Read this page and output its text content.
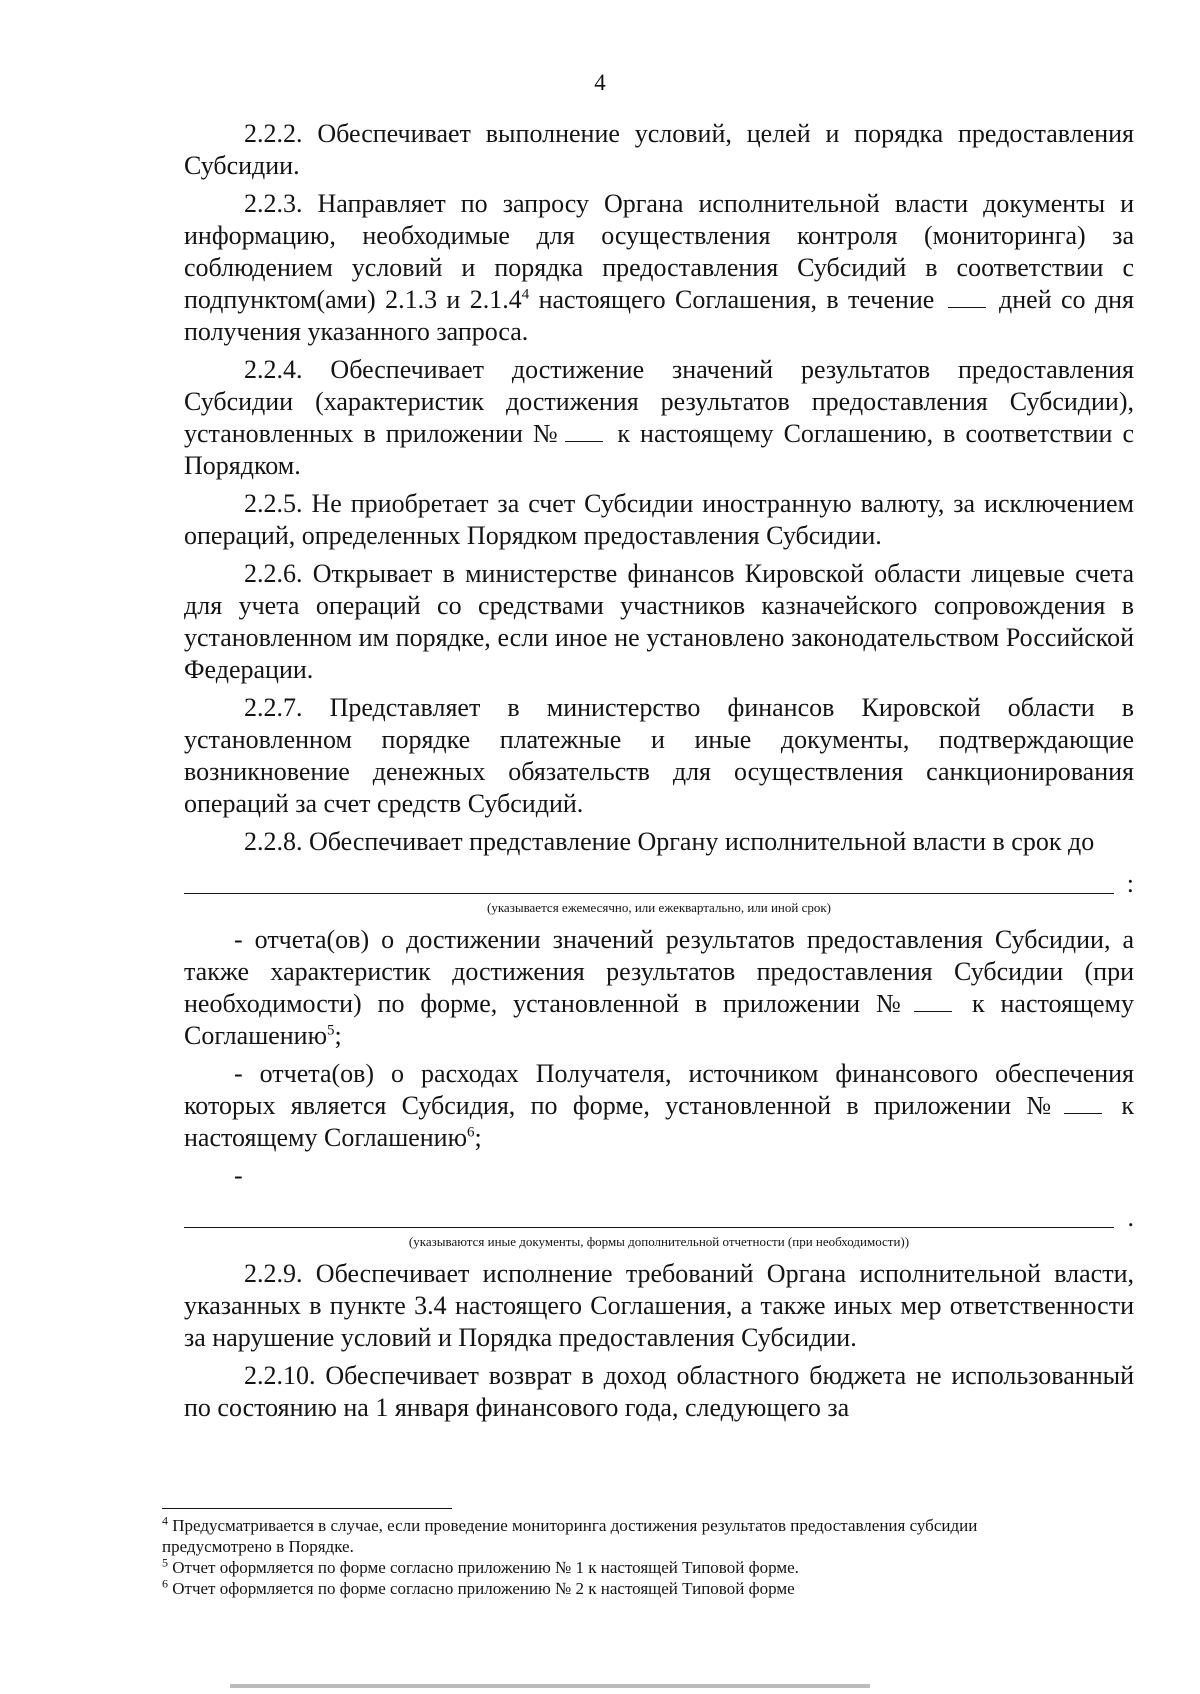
4

2.2.2. Обеспечивает выполнение условий, целей и порядка предоставления Субсидии.

2.2.3. Направляет по запросу Органа исполнительной власти документы и информацию, необходимые для осуществления контроля (мониторинга) за соблюдением условий и порядка предоставления Субсидий в соответствии с подпунктом(ами) 2.1.3 и 2.1.4$^4$ настоящего Соглашения, в течение  дней со дня получения указанного запроса.

2.2.4. Обеспечивает достижение значений результатов предоставления Субсидии (характеристик достижения результатов предоставления Субсидии), установленных в приложении № к настоящему Соглашению, в соответствии с Порядком.

2.2.5. Не приобретает за счет Субсидии иностранную валюту, за исключением операций, определенных Порядком предоставления Субсидии.

2.2.6. Открывает в министерстве финансов Кировской области лицевые счета для учета операций со средствами участников казначейского сопровождения в установленном им порядке, если иное не установлено законодательством Российской Федерации.

2.2.7. Представляет в министерство финансов Кировской области в установленном порядке платежные и иные документы, подтверждающие возникновение денежных обязательств для осуществления санкционирования операций за счет средств Субсидий.

2.2.8. Обеспечивает представление Органу исполнительной власти в срок до

:
(указывается ежемесячно, или ежеквартально, или иной срок)

- отчета(ов) о достижении значений результатов предоставления Субсидии, а также характеристик достижения результатов предоставления Субсидии (при необходимости) по форме, установленной в приложении № к настоящему Соглашению$^5$;

- отчета(ов) о расходах Получателя, источником финансового обеспечения которых является Субсидия, по форме, установленной в приложении № к настоящему Соглашению$^6$;

-
.
(указываются иные документы, формы дополнительной отчетности (при необходимости))

2.2.9. Обеспечивает исполнение требований Органа исполнительной власти, указанных в пункте 3.4 настоящего Соглашения, а также иных мер ответственности за нарушение условий и Порядка предоставления Субсидии.

2.2.10. Обеспечивает возврат в доход областного бюджета не использованный по состоянию на 1 января финансового года, следующего за

$^4$ Предусматривается в случае, если проведение мониторинга достижения результатов предоставления субсидии предусмотрено в Порядке.

$^5$ Отчет оформляется по форме согласно приложению № 1 к настоящей Типовой форме.

$^6$ Отчет оформляется по форме согласно приложению № 2 к настоящей Типовой форме
